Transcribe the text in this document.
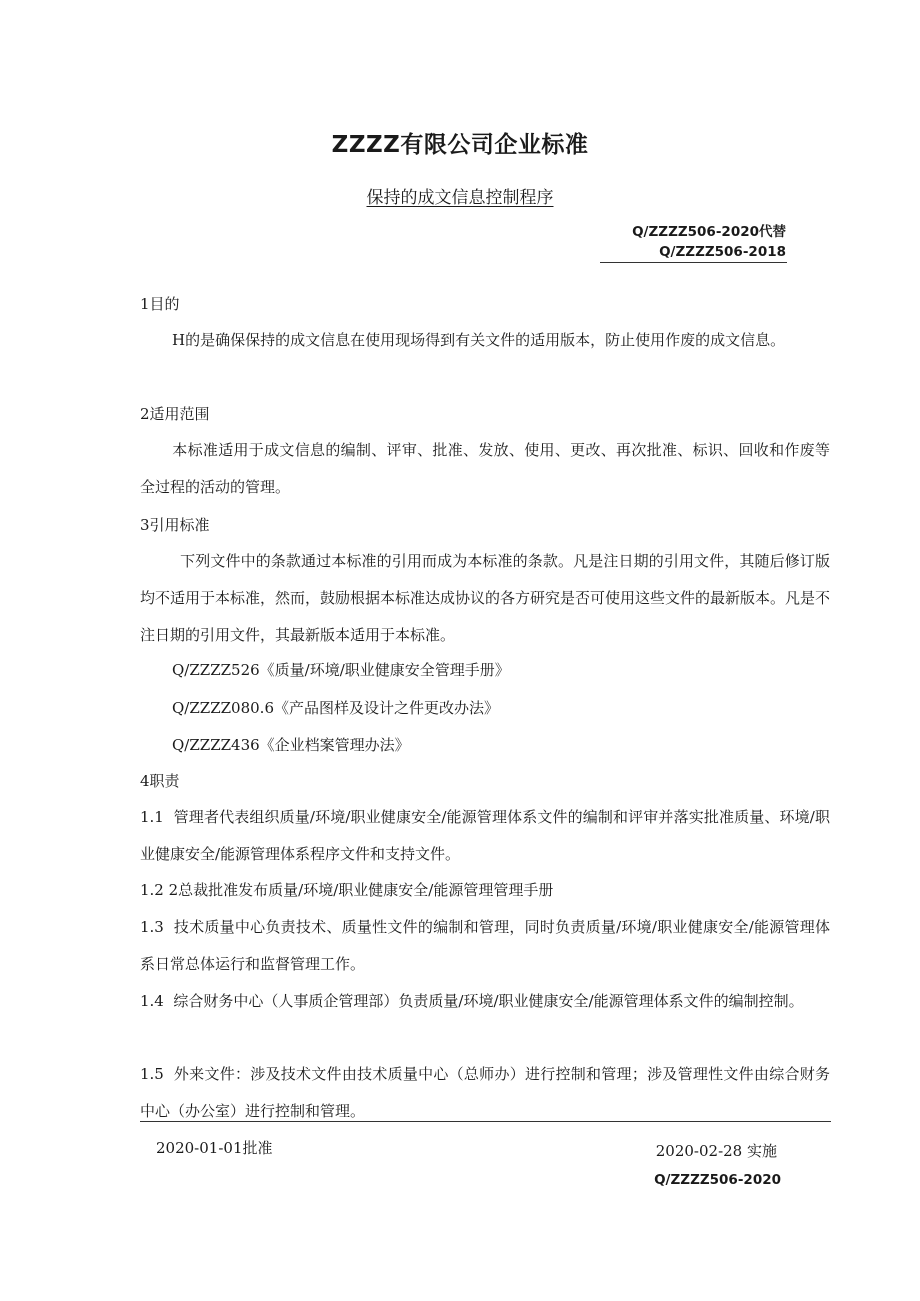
ZZZZ有限公司企业标准
保持的成文信息控制程序
Q/ZZZZ506-2020代替
Q/ZZZZ506-2018
1目的
H的是确保保持的成文信息在使用现场得到有关文件的适用版本，防止使用作废的成文信息。
2适用范围
本标准适用于成文信息的编制、评审、批准、发放、使用、更改、再次批准、标识、回收和作废等全过程的活动的管理。
3引用标准
下列文件中的条款通过本标准的引用而成为本标准的条款。凡是注日期的引用文件，其随后修订版均不适用于本标准，然而，鼓励根据本标准达成协议的各方研究是否可使用这些文件的最新版本。凡是不注日期的引用文件，其最新版本适用于本标准。
Q/ZZZZ526《质量/环境/职业健康安全管理手册》
Q/ZZZZ080.6《产品图样及设计之件更改办法》
Q/ZZZZ436《企业档案管理办法》
4职责
1.1 管理者代表组织质量/环境/职业健康安全/能源管理体系文件的编制和评审并落实批准质量、环境/职业健康安全/能源管理体系程序文件和支持文件。
1.2 2总裁批准发布质量/环境/职业健康安全/能源管理管理手册
1.3 技术质量中心负责技术、质量性文件的编制和管理，同时负责质量/环境/职业健康安全/能源管理体系日常总体运行和监督管理工作。
1.4 综合财务中心（人事质企管理部）负责质量/环境/职业健康安全/能源管理体系文件的编制控制。
1.5 外来文件：涉及技术文件由技术质量中心（总师办）进行控制和管理；涉及管理性文件由综合财务中心（办公室）进行控制和管理。
2020-01-01批准	2020-02-28 实施
Q/ZZZZ506-2020
